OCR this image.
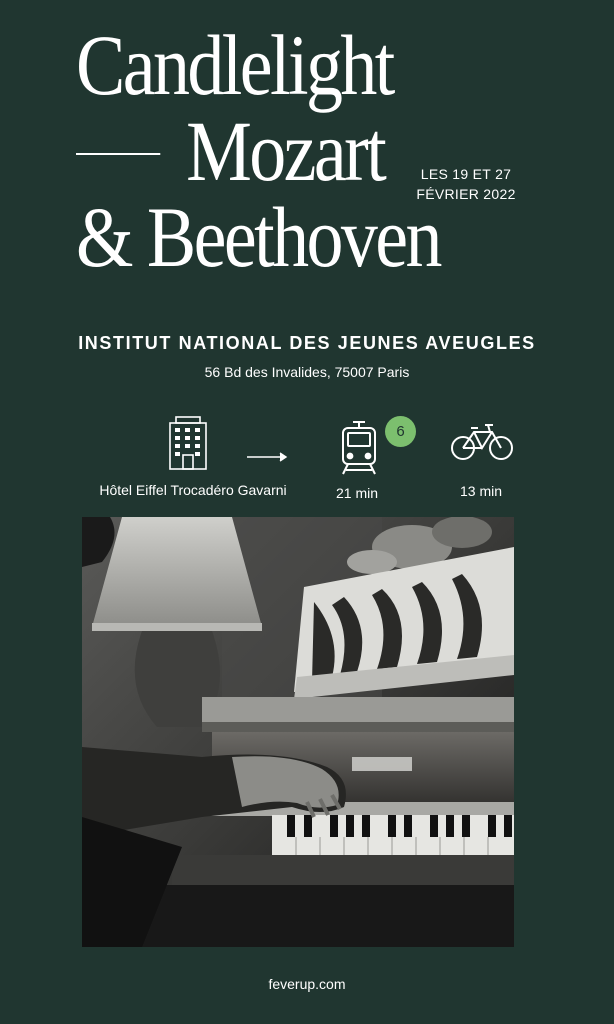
Candlelight
Mozart
& Beethoven
LES 19 ET 27
FÉVRIER 2022
INSTITUT NATIONAL DES JEUNES AVEUGLES
56 Bd des Invalides, 75007 Paris
6
Hôtel Eiffel Trocadéro Gavarni	21 min	13 min
feverup.com
